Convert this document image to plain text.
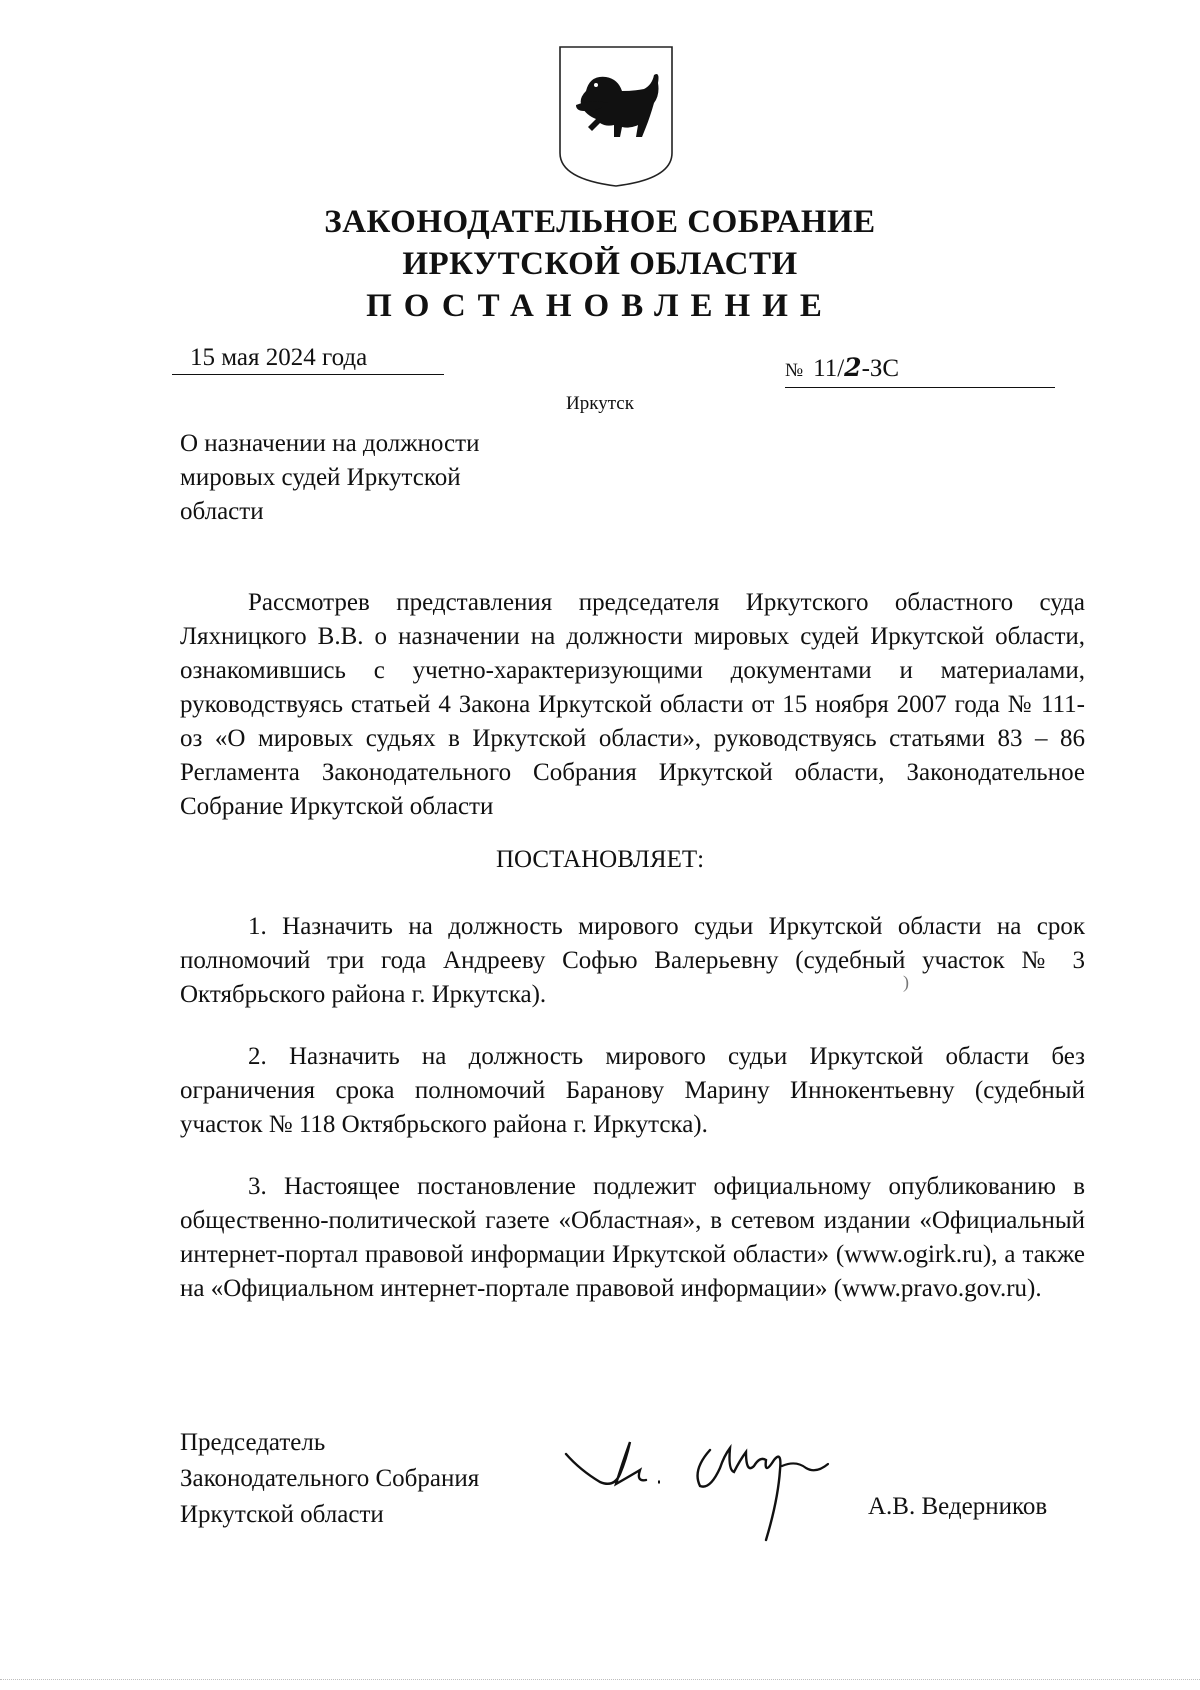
ЗАКОНОДАТЕЛЬНОЕ СОБРАНИЕ
ИРКУТСКОЙ ОБЛАСТИ
ПОСТАНОВЛЕНИЕ
15 мая 2024 года	№ 11/2-ЗС
Иркутск
О назначении на должности мировых судей Иркутской области

Рассмотрев представления председателя Иркутского областного суда Ляхницкого В.В. о назначении на должности мировых судей Иркутской области, ознакомившись с учетно-характеризующими документами и материалами, руководствуясь статьей 4 Закона Иркутской области от 15 ноября 2007 года № 111-оз «О мировых судьях в Иркутской области», руководствуясь статьями 83 – 86 Регламента Законодательного Собрания Иркутской области, Законодательное Собрание Иркутской области

ПОСТАНОВЛЯЕТ:

1. Назначить на должность мирового судьи Иркутской области на срок полномочий три года Андрееву Софью Валерьевну (судебный участок № 3 Октябрьского района г. Иркутска).	)

2. Назначить на должность мирового судьи Иркутской области без ограничения срока полномочий Баранову Марину Иннокентьевну (судебный участок № 118 Октябрьского района г. Иркутска).

3. Настоящее постановление подлежит официальному опубликованию в общественно-политической газете «Областная», в сетевом издании «Официальный интернет-портал правовой информации Иркутской области» (www.ogirk.ru), а также на «Официальном интернет-портале правовой информации» (www.pravo.gov.ru).

Председатель
Законодательного Собрания
Иркутской области	А.В. Ведерников
